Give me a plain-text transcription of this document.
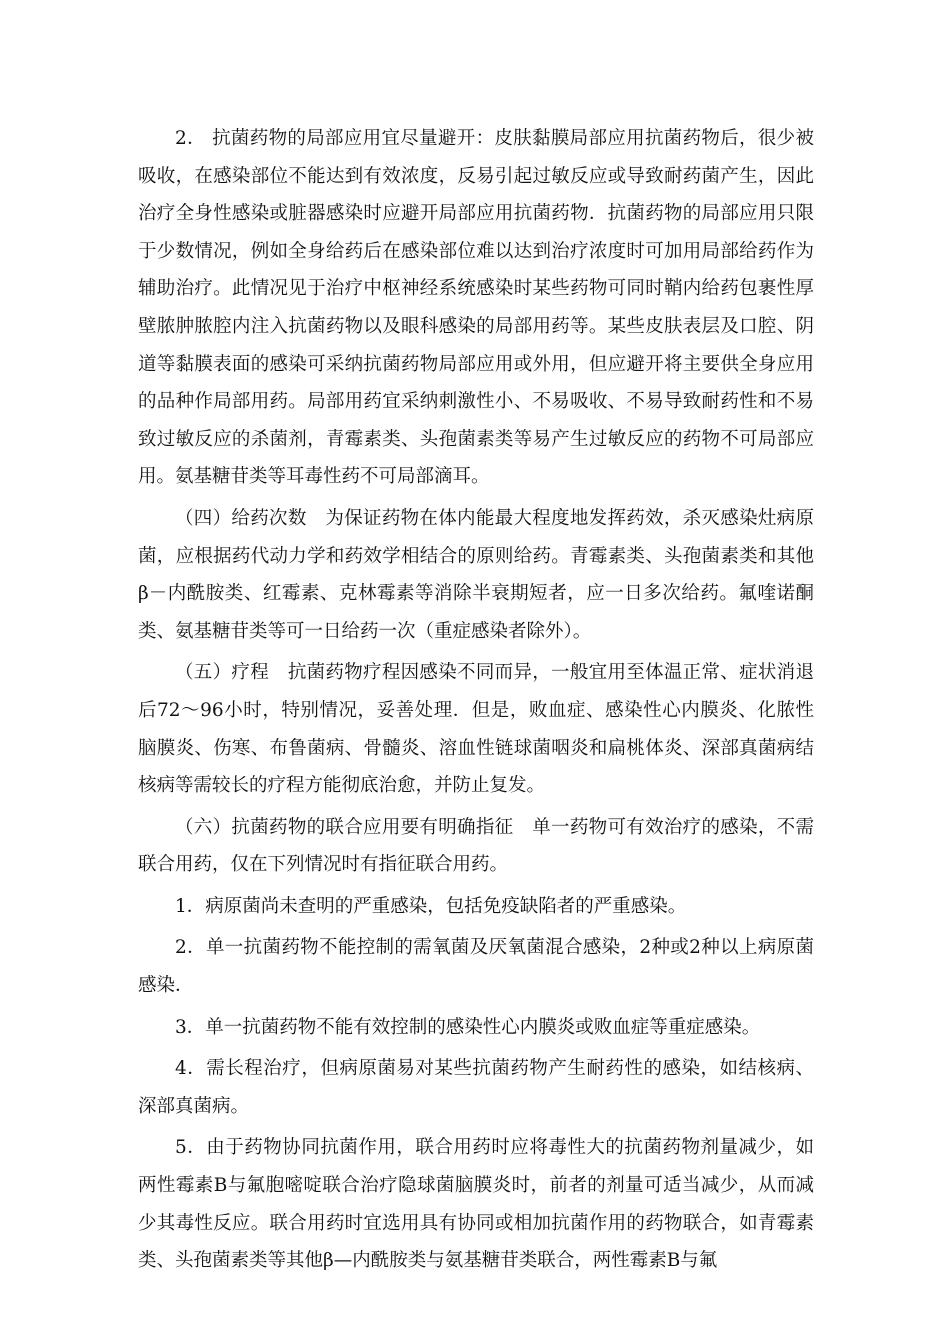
2． 抗菌药物的局部应用宜尽量避开：皮肤黏膜局部应用抗菌药物后，很少被吸收，在感染部位不能达到有效浓度，反易引起过敏反应或导致耐药菌产生，因此治疗全身性感染或脏器感染时应避开局部应用抗菌药物．抗菌药物的局部应用只限于少数情况，例如全身给药后在感染部位难以达到治疗浓度时可加用局部给药作为辅助治疗。此情况见于治疗中枢神经系统感染时某些药物可同时鞘内给药包裹性厚壁脓肿脓腔内注入抗菌药物以及眼科感染的局部用药等。某些皮肤表层及口腔、阴道等黏膜表面的感染可采纳抗菌药物局部应用或外用，但应避开将主要供全身应用的品种作局部用药。局部用药宜采纳刺激性小、不易吸收、不易导致耐药性和不易致过敏反应的杀菌剂，青霉素类、头孢菌素类等易产生过敏反应的药物不可局部应用。氨基糖苷类等耳毒性药不可局部滴耳。

（四）给药次数　为保证药物在体内能最大程度地发挥药效，杀灭感染灶病原菌，应根据药代动力学和药效学相结合的原则给药。青霉素类、头孢菌素类和其他β－内酰胺类、红霉素、克林霉素等消除半衰期短者，应一日多次给药。氟喹诺酮类、氨基糖苷类等可一日给药一次（重症感染者除外）。

（五）疗程　抗菌药物疗程因感染不同而异，一般宜用至体温正常、症状消退后72～96小时，特别情况，妥善处理．但是，败血症、感染性心内膜炎、化脓性脑膜炎、伤寒、布鲁菌病、骨髓炎、溶血性链球菌咽炎和扁桃体炎、深部真菌病结核病等需较长的疗程方能彻底治愈，并防止复发。

（六）抗菌药物的联合应用要有明确指征　单一药物可有效治疗的感染，不需联合用药，仅在下列情况时有指征联合用药。

1．病原菌尚未查明的严重感染，包括免疫缺陷者的严重感染。

2．单一抗菌药物不能控制的需氧菌及厌氧菌混合感染，2种或2种以上病原菌感染．

3．单一抗菌药物不能有效控制的感染性心内膜炎或败血症等重症感染。

4．需长程治疗，但病原菌易对某些抗菌药物产生耐药性的感染，如结核病、深部真菌病。

5．由于药物协同抗菌作用，联合用药时应将毒性大的抗菌药物剂量减少，如两性霉素B与氟胞嘧啶联合治疗隐球菌脑膜炎时，前者的剂量可适当减少，从而减少其毒性反应。联合用药时宜选用具有协同或相加抗菌作用的药物联合，如青霉素类、头孢菌素类等其他β—内酰胺类与氨基糖苷类联合，两性霉素B与氟
